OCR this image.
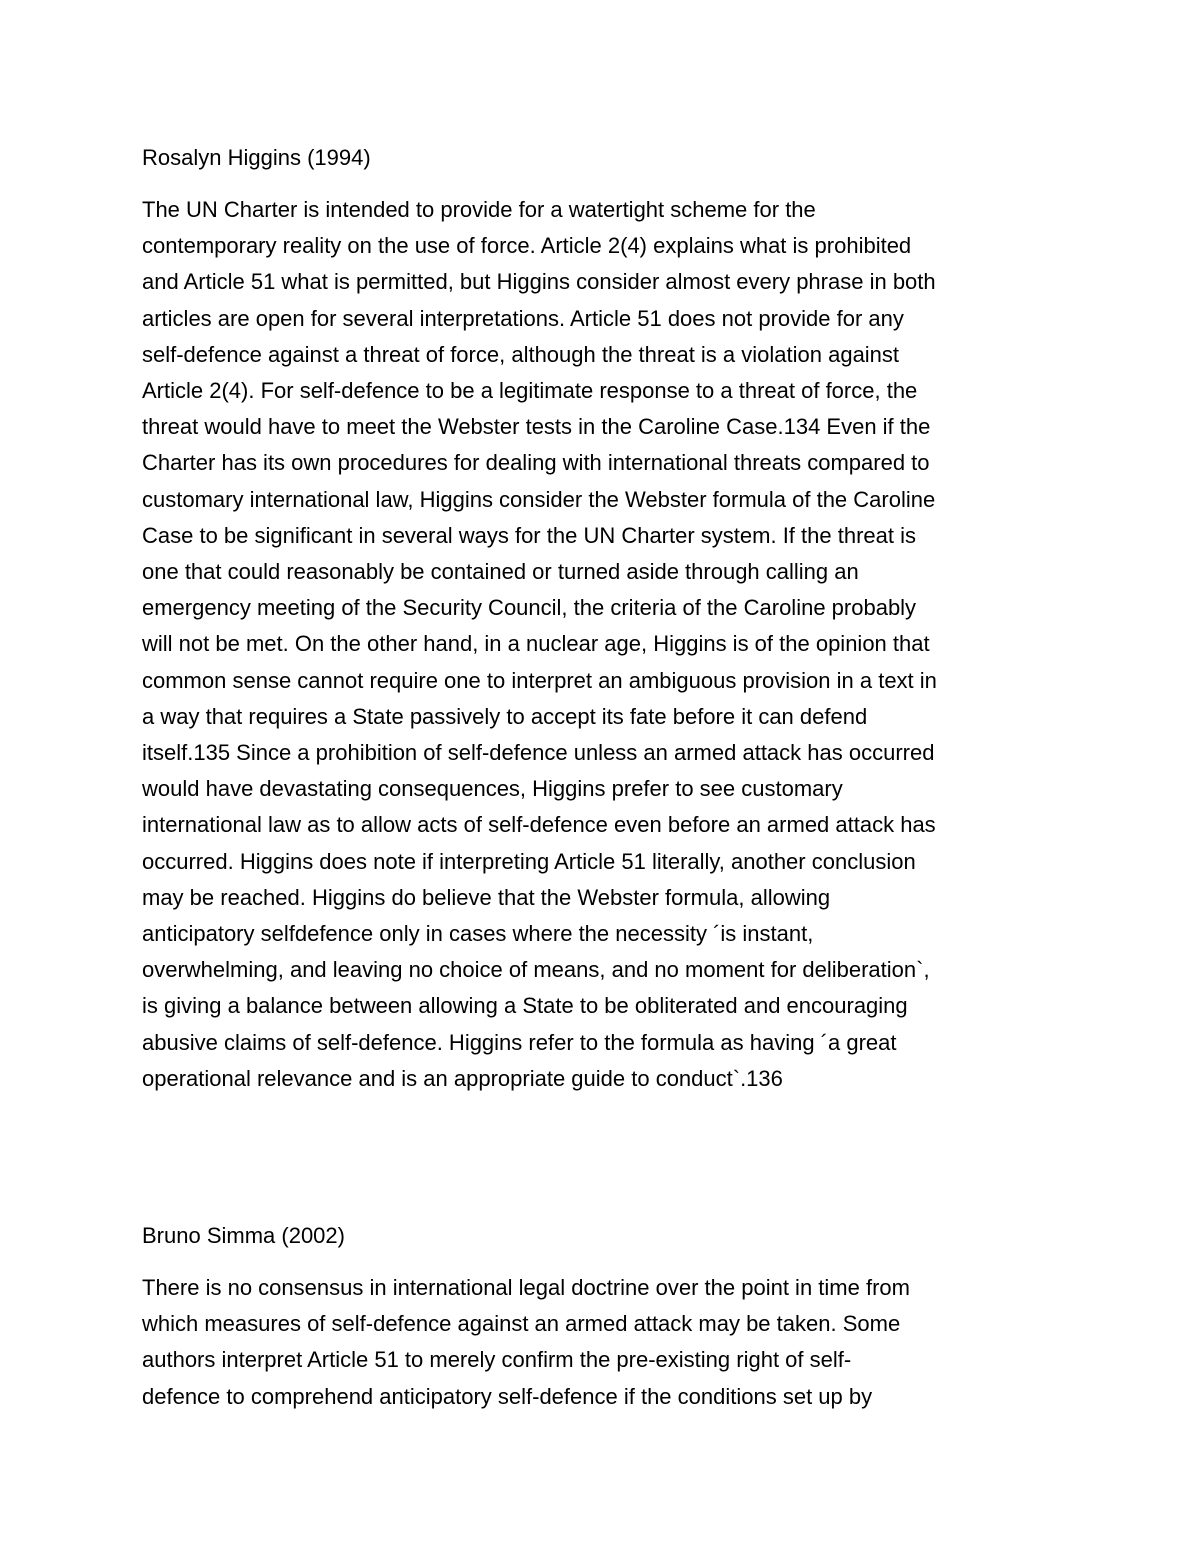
Rosalyn Higgins (1994)

The UN Charter is intended to provide for a watertight scheme for the
contemporary reality on the use of force. Article 2(4) explains what is prohibited
and Article 51 what is permitted, but Higgins consider almost every phrase in both
articles are open for several interpretations. Article 51 does not provide for any
self-defence against a threat of force, although the threat is a violation against
Article 2(4). For self-defence to be a legitimate response to a threat of force, the
threat would have to meet the Webster tests in the Caroline Case.134 Even if the
Charter has its own procedures for dealing with international threats compared to
customary international law, Higgins consider the Webster formula of the Caroline
Case to be significant in several ways for the UN Charter system. If the threat is
one that could reasonably be contained or turned aside through calling an
emergency meeting of the Security Council, the criteria of the Caroline probably
will not be met. On the other hand, in a nuclear age, Higgins is of the opinion that
common sense cannot require one to interpret an ambiguous provision in a text in
a way that requires a State passively to accept its fate before it can defend
itself.135 Since a prohibition of self-defence unless an armed attack has occurred
would have devastating consequences, Higgins prefer to see customary
international law as to allow acts of self-defence even before an armed attack has
occurred. Higgins does note if interpreting Article 51 literally, another conclusion
may be reached. Higgins do believe that the Webster formula, allowing
anticipatory selfdefence only in cases where the necessity ´is instant,
overwhelming, and leaving no choice of means, and no moment for deliberation`,
is giving a balance between allowing a State to be obliterated and encouraging
abusive claims of self-defence. Higgins refer to the formula as having ´a great
operational relevance and is an appropriate guide to conduct`.136

Bruno Simma (2002)

There is no consensus in international legal doctrine over the point in time from
which measures of self-defence against an armed attack may be taken. Some
authors interpret Article 51 to merely confirm the pre-existing right of self-
defence to comprehend anticipatory self-defence if the conditions set up by
